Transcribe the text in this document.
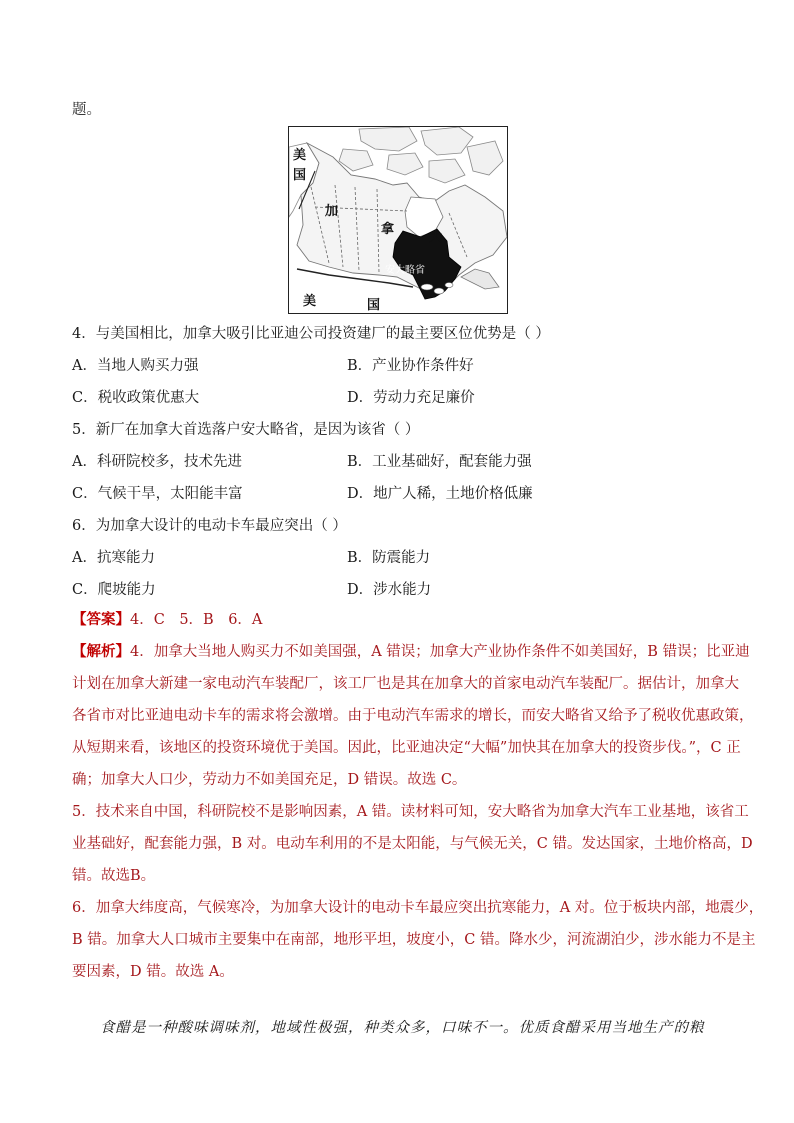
题。
美
国
加
拿
大
安大略省
美	国
4．与美国相比，加拿大吸引比亚迪公司投资建厂的最主要区位优势是（ ）
A．当地人购买力强	B．产业协作条件好
C．税收政策优惠大	D．劳动力充足廉价
5．新厂在加拿大首选落户安大略省，是因为该省（ ）
A．科研院校多，技术先进	B．工业基础好，配套能力强
C．气候干旱，太阳能丰富	D．地广人稀，土地价格低廉
6．为加拿大设计的电动卡车最应突出（ ）
A．抗寒能力	B．防震能力
C．爬坡能力	D．涉水能力
【答案】4．C　5．B　6．A
【解析】4．加拿大当地人购买力不如美国强，A 错误；加拿大产业协作条件不如美国好，B 错误；比亚迪
计划在加拿大新建一家电动汽车装配厂，该工厂也是其在加拿大的首家电动汽车装配厂。据估计，加拿大
各省市对比亚迪电动卡车的需求将会激增。由于电动汽车需求的增长，而安大略省又给予了税收优惠政策，
从短期来看，该地区的投资环境优于美国。因此，比亚迪决定“大幅”加快其在加拿大的投资步伐。”，C 正
确；加拿大人口少，劳动力不如美国充足，D 错误。故选 C。
5．技术来自中国，科研院校不是影响因素，A 错。读材料可知，安大略省为加拿大汽车工业基地，该省工
业基础好，配套能力强，B 对。电动车利用的不是太阳能，与气候无关，C 错。发达国家，土地价格高，D
错。故选B。
6．加拿大纬度高，气候寒冷，为加拿大设计的电动卡车最应突出抗寒能力，A 对。位于板块内部，地震少，
B 错。加拿大人口城市主要集中在南部，地形平坦，坡度小，C 错。降水少，河流湖泊少，涉水能力不是主
要因素，D 错。故选 A。
食醋是一种酸味调味剂，地域性极强，种类众多，口味不一。优质食醋采用当地生产的粮
